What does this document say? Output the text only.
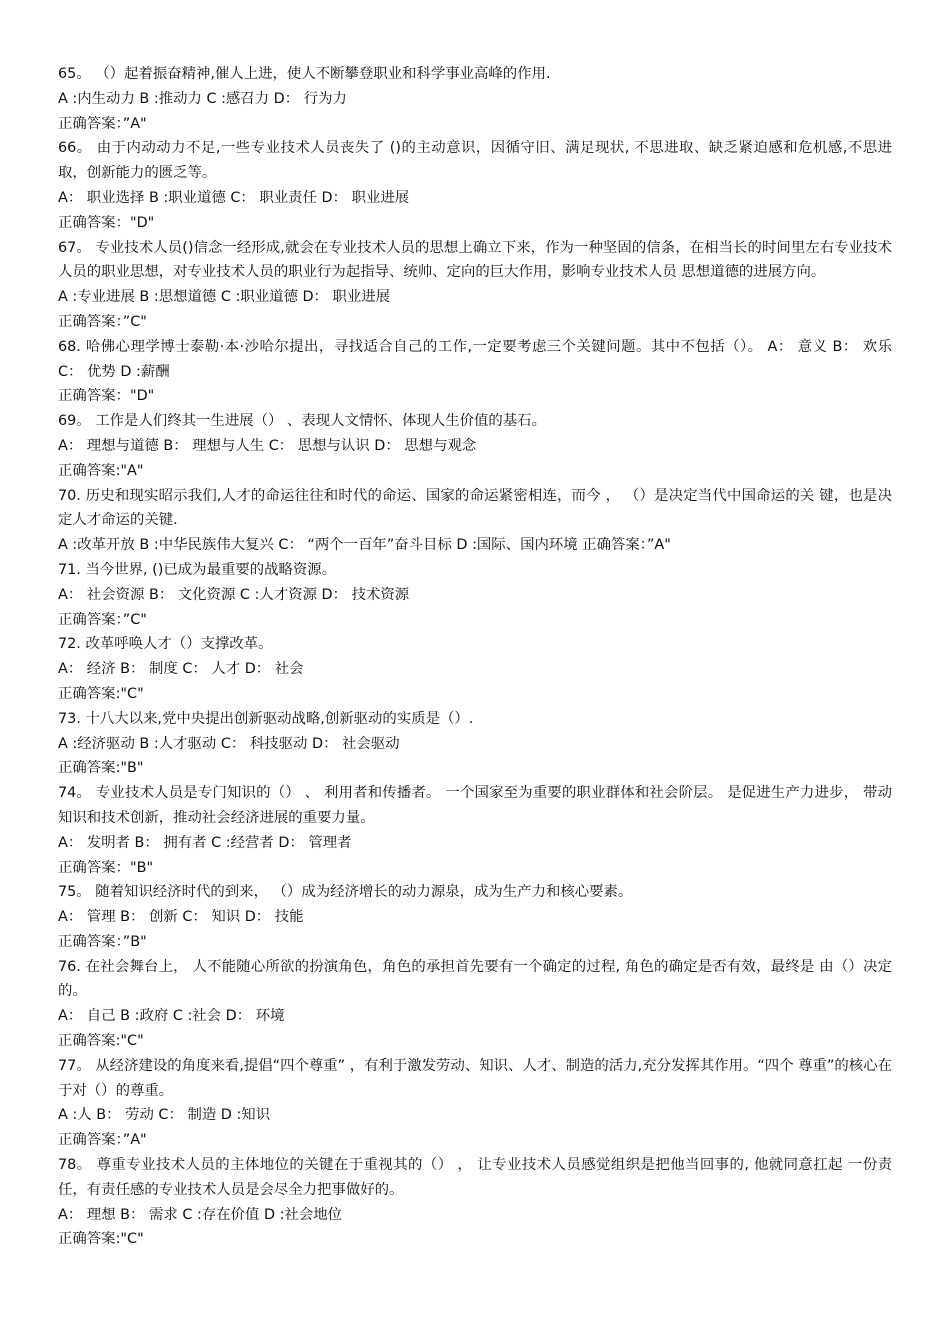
65。 （）起着振奋精神,催人上进，使人不断攀登职业和科学事业高峰的作用.
A :内生动力 B :推动力 C :感召力 D： 行为力
正确答案：”A"
66。 由于内动动力不足,一些专业技术人员丧失了 ()的主动意识，因循守旧、满足现状, 不思进取、缺乏紧迫感和危机感,不思进取，创新能力的匮乏等。
A： 职业选择 B :职业道德 C： 职业责任 D： 职业进展
正确答案："D"
67。 专业技术人员()信念一经形成,就会在专业技术人员的思想上确立下来，作为一种坚固的信条，在相当长的时间里左右专业技术人员的职业思想，对专业技术人员的职业行为起指导、统帅、定向的巨大作用，影响专业技术人员 思想道德的进展方向。
A :专业进展 B :思想道德 C :职业道德 D： 职业进展
正确答案：”C"
68. 哈佛心理学博士泰勒·本·沙哈尔提出，寻找适合自己的工作,一定要考虑三个关键问题。其中不包括（）。 A： 意义 B： 欢乐 C： 优势 D :薪酬
正确答案："D"
69。 工作是人们终其一生进展（） 、表现人文情怀、体现人生价值的基石。
A： 理想与道德 B： 理想与人生 C： 思想与认识 D： 思想与观念
正确答案:"A"
70. 历史和现实昭示我们,人才的命运往往和时代的命运、国家的命运紧密相连，而今 ， （）是决定当代中国命运的关 键，也是决定人才命运的关键.
A :改革开放 B :中华民族伟大复兴 C： “两个一百年”奋斗目标 D :国际、国内环境 正确答案：”A"
71. 当今世界, ()已成为最重要的战略资源。
A： 社会资源 B： 文化资源 C :人才资源 D： 技术资源
正确答案：”C"
72. 改革呼唤人才（）支撑改革。
A： 经济 B： 制度 C： 人才 D： 社会
正确答案:"C"
73. 十八大以来,党中央提出创新驱动战略,创新驱动的实质是（）.
A :经济驱动 B :人才驱动 C： 科技驱动 D： 社会驱动
正确答案:"B"
74。 专业技术人员是专门知识的（） 、 利用者和传播者。 一个国家至为重要的职业群体和社会阶层。 是促进生产力进步， 带动知识和技术创新，推动社会经济进展的重要力量。
A： 发明者 B： 拥有者 C :经营者 D： 管理者
正确答案："B"
75。 随着知识经济时代的到来， （）成为经济增长的动力源泉，成为生产力和核心要素。
A： 管理 B： 创新 C： 知识 D： 技能
正确答案：”B"
76. 在社会舞台上， 人不能随心所欲的扮演角色，角色的承担首先要有一个确定的过程, 角色的确定是否有效，最终是 由（）决定的。
A： 自己 B :政府 C :社会 D： 环境
正确答案:"C"
77。 从经济建设的角度来看,提倡“四个尊重” ，有利于激发劳动、知识、人才、制造的活力,充分发挥其作用。“四个 尊重”的核心在于对（）的尊重。
A :人 B： 劳动 C： 制造 D :知识
正确答案：”A"
78。 尊重专业技术人员的主体地位的关键在于重视其的（） ， 让专业技术人员感觉组织是把他当回事的, 他就同意扛起 一份责任，有责任感的专业技术人员是会尽全力把事做好的。
A： 理想 B： 需求 C :存在价值 D :社会地位
正确答案:"C"
